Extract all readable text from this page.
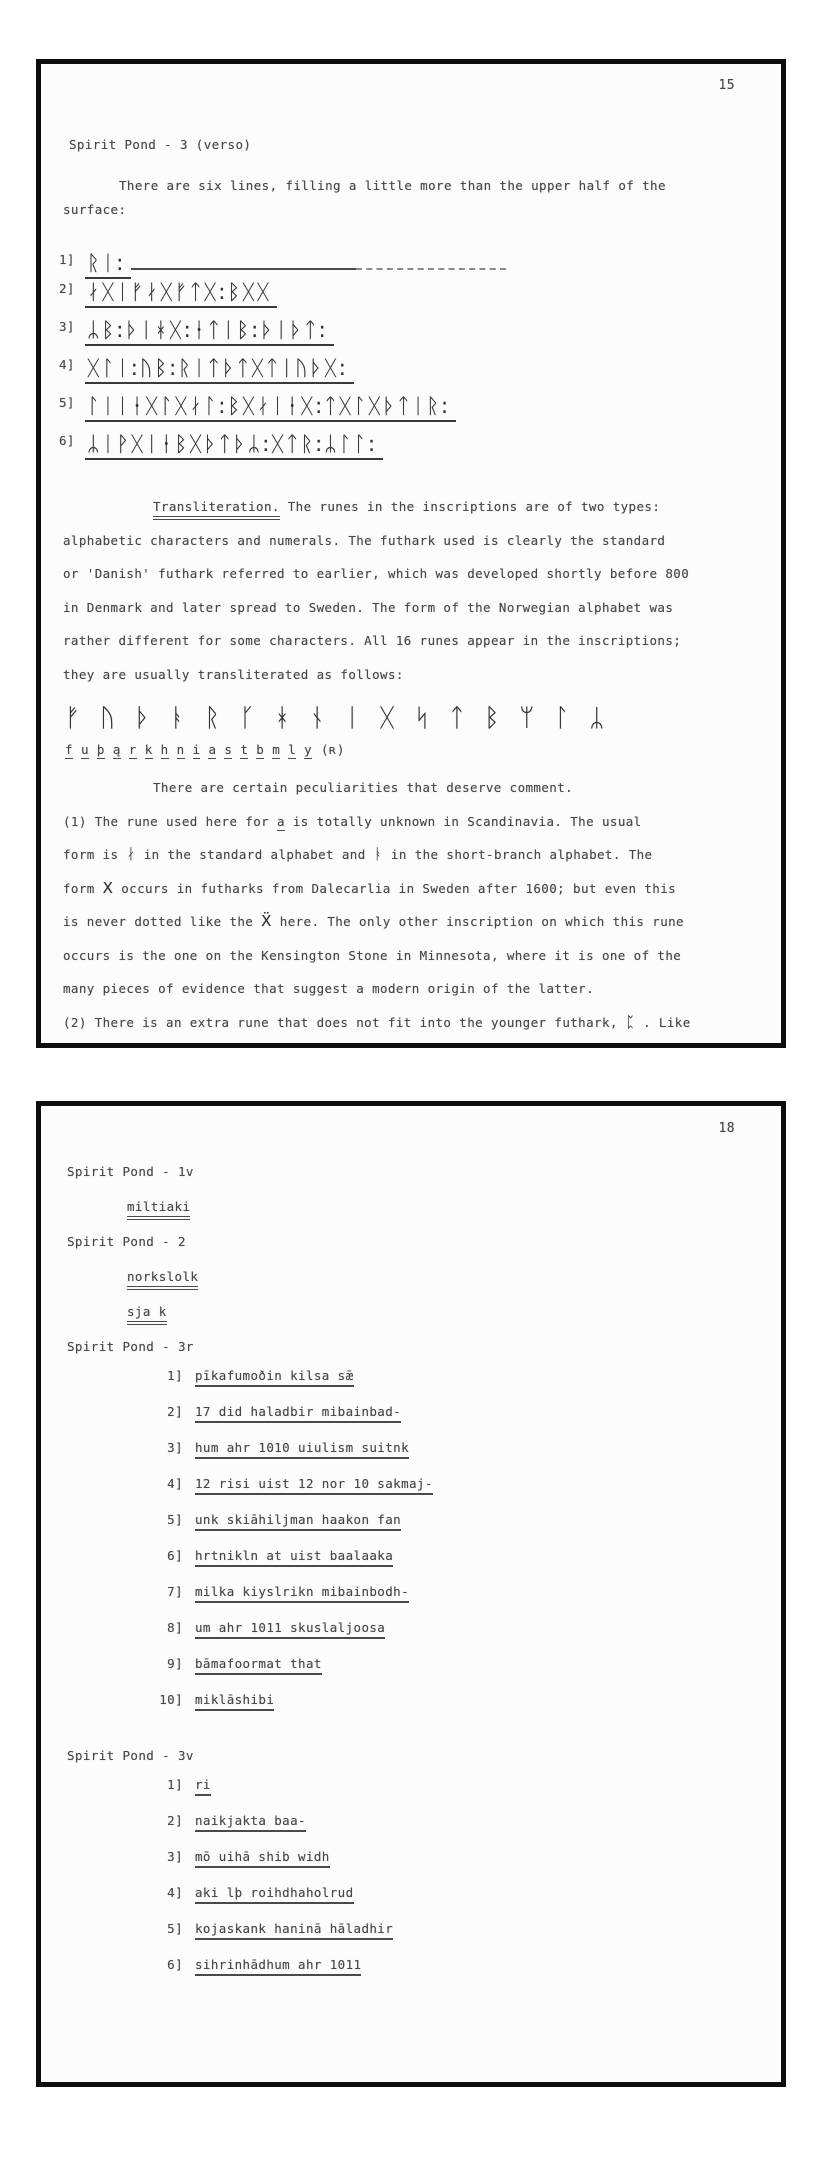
15
Spirit Pond - 3 (verso)
There are six lines, filling a little more than the upper half of the
surface:
1] ᚱᛁ:
2] ᛅᚷᛁᚠᛅᚷᚠᛏᚷ:ᛒᚷᚷ
3] ᛦᛒ:ᚦᛁᚼᚷ:ᚽᛏᛁᛒ:ᚦᛁᚦᛏ:
4] ᚷᛚᛁ:ᚢᛒ:ᚱᛁᛏᚦᛏᚷᛏᛁᚢᚦᚷ:
5] ᛚᛁᛁᚽᚷᛚᚷᛅᛚ:ᛒᚷᛅᛁᚽᚷ:ᛏᚷᛚᚷᚦᛏᛁᚱ:
6] ᛦᛁᚹᚷᛁᚽᛒᚷᚦᛏᚦᛦ:ᚷᛏᚱ:ᛦᛚᛚ:
Transliteration. The runes in the inscriptions are of two types:
alphabetic characters and numerals. The futhark used is clearly the standard
or 'Danish' futhark referred to earlier, which was developed shortly before 800
in Denmark and later spread to Sweden. The form of the Norwegian alphabet was
rather different for some characters. All 16 runes appear in the inscriptions;
they are usually transliterated as follows:
ᚠ ᚢ ᚦ ᚭ ᚱ ᚴ ᚼ ᚾ ᛁ ᚷ ᛋ ᛏ ᛒ ᛘ ᛚ ᛦ
f u þ ą r k h n i a s t b m l y (ʀ)
There are certain peculiarities that deserve comment.
(1) The rune used here for a is totally unknown in Scandinavia. The usual
form is ᛅ in the standard alphabet and ᚭ in the short-branch alphabet. The
form X occurs in futharks from Dalecarlia in Sweden after 1600; but even this
is never dotted like the Ẍ here. The only other inscription on which this rune
occurs is the one on the Kensington Stone in Minnesota, where it is one of the
many pieces of evidence that suggest a modern origin of the latter.
(2) There is an extra rune that does not fit into the younger futhark, ᛈ . Like
18
Spirit Pond - 1v
miltiaki
Spirit Pond - 2
norkslolk
sja k
Spirit Pond - 3r
1] pīkafumoðin kilsa sǣ
2] 17 did haladbir mibainbad-
3] hum ahr 1010 uiulism suitnk
4] 12 risi uist 12 nor 10 sakmaj-
5] unk skiāhiljman haakon fan
6] hrtnikln at uist baalaaka
7] milka kiyslrikn mibainbodh-
8] um ahr 1011 skuslaljoosa
9] bāmafoormat that
10] miklāshibi
Spirit Pond - 3v
1] ri
2] naikjakta baa-
3] mō uihā shib widh
4] aki lþ roihdhaholrud
5] kojaskank haninā hāladhir
6] sihrinhādhum ahr 1011
